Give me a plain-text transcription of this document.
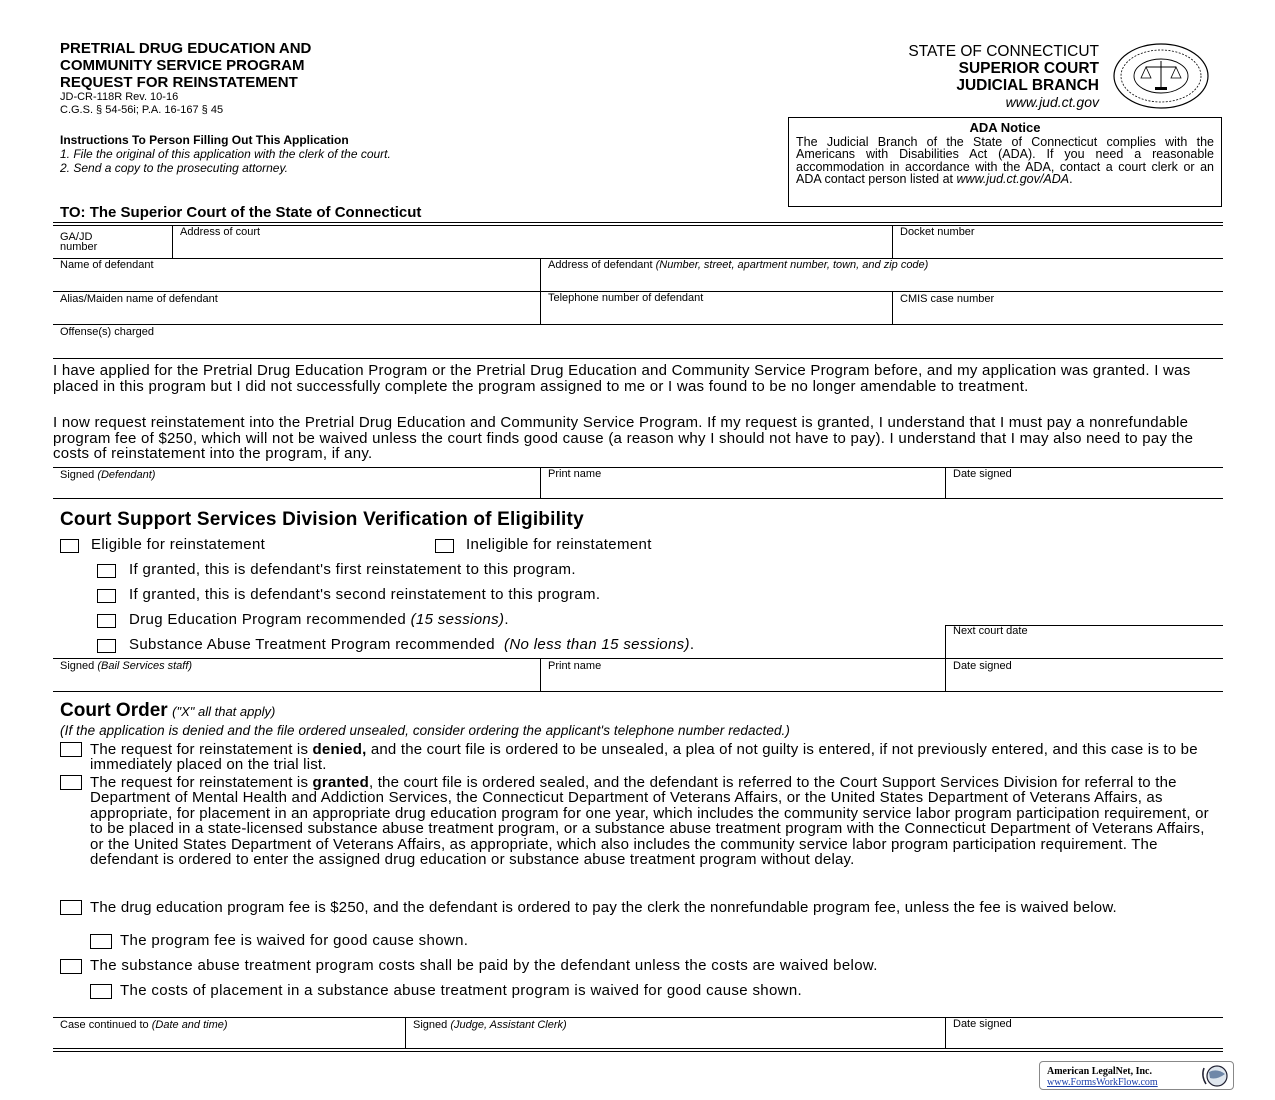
PRETRIAL DRUG EDUCATION AND
COMMUNITY SERVICE PROGRAM
REQUEST FOR REINSTATEMENT
JD-CR-118R Rev. 10-16
C.G.S. § 54-56i; P.A. 16-167 § 45
STATE OF CONNECTICUT
SUPERIOR COURT
JUDICIAL BRANCH
www.jud.ct.gov
Instructions To Person Filling Out This Application
1. File the original of this application with the clerk of the court.
2. Send a copy to the prosecuting attorney.
ADA Notice
The Judicial Branch of the State of Connecticut complies with the Americans with Disabilities Act (ADA). If you need a reasonable accommodation in accordance with the ADA, contact a court clerk or an ADA contact person listed at www.jud.ct.gov/ADA.
TO: The Superior Court of the State of Connecticut
GA/JD
number
Address of court	Docket number
Name of defendant	Address of defendant (Number, street, apartment number, town, and zip code)
Alias/Maiden name of defendant	Telephone number of defendant	CMIS case number
Offense(s) charged
I have applied for the Pretrial Drug Education Program or the Pretrial Drug Education and Community Service Program before, and my application was granted. I was placed in this program but I did not successfully complete the program assigned to me or I was found to be no longer amendable to treatment.
I now request reinstatement into the Pretrial Drug Education and Community Service Program. If my request is granted, I understand that I must pay a nonrefundable program fee of $250, which will not be waived unless the court finds good cause (a reason why I should not have to pay). I understand that I may also need to pay the costs of reinstatement into the program, if any.
Signed (Defendant)	Print name	Date signed
Court Support Services Division Verification of Eligibility
Eligible for reinstatement	Ineligible for reinstatement
If granted, this is defendant's first reinstatement to this program.
If granted, this is defendant's second reinstatement to this program.
Drug Education Program recommended (15 sessions).
Substance Abuse Treatment Program recommended (No less than 15 sessions).
Next court date
Signed (Bail Services staff)	Print name	Date signed
Court Order ("X" all that apply)
(If the application is denied and the file ordered unsealed, consider ordering the applicant's telephone number redacted.)
The request for reinstatement is denied, and the court file is ordered to be unsealed, a plea of not guilty is entered, if not previously entered, and this case is to be immediately placed on the trial list.
The request for reinstatement is granted, the court file is ordered sealed, and the defendant is referred to the Court Support Services Division for referral to the Department of Mental Health and Addiction Services, the Connecticut Department of Veterans Affairs, or the United States Department of Veterans Affairs, as appropriate, for placement in an appropriate drug education program for one year, which includes the community service labor program participation requirement, or to be placed in a state-licensed substance abuse treatment program, or a substance abuse treatment program with the Connecticut Department of Veterans Affairs, or the United States Department of Veterans Affairs, as appropriate, which also includes the community service labor program participation requirement. The defendant is ordered to enter the assigned drug education or substance abuse treatment program without delay.
The drug education program fee is $250, and the defendant is ordered to pay the clerk the nonrefundable program fee, unless the fee is waived below.
The program fee is waived for good cause shown.
The substance abuse treatment program costs shall be paid by the defendant unless the costs are waived below.
The costs of placement in a substance abuse treatment program is waived for good cause shown.
Case continued to (Date and time)	Signed (Judge, Assistant Clerk)	Date signed
American LegalNet, Inc.
www.FormsWorkFlow.com
